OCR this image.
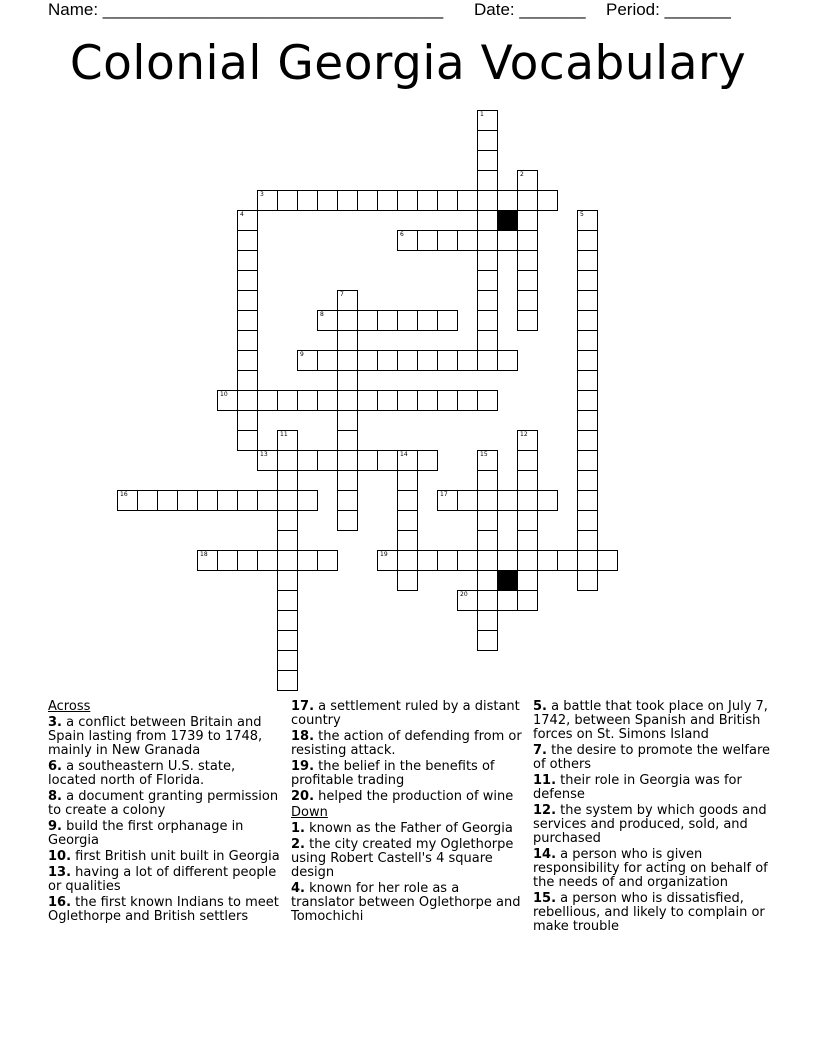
Name: ____________________________________ Date: _______ Period: _______
Colonial Georgia Vocabulary
3
6
8
9
10
13	14
16	17
18	19
20
1
2
4	5
7
11	12
15
Across
3. a conflict between Britain and Spain lasting from 1739 to 1748, mainly in New Granada
6. a southeastern U.S. state, located north of Florida.
8. a document granting permission to create a colony
9. build the first orphanage in Georgia
10. first British unit built in Georgia
13. having a lot of different people or qualities
16. the first known Indians to meet Oglethorpe and British settlers
17. a settlement ruled by a distant country
18. the action of defending from or resisting attack.
19. the belief in the benefits of profitable trading
20. helped the production of wine
Down
1. known as the Father of Georgia
2. the city created my Oglethorpe using Robert Castell's 4 square design
4. known for her role as a translator between Oglethorpe and Tomochichi
5. a battle that took place on July 7, 1742, between Spanish and British forces on St. Simons Island
7. the desire to promote the welfare of others
11. their role in Georgia was for defense
12. the system by which goods and services and produced, sold, and purchased
14. a person who is given responsibility for acting on behalf of the needs of and organization
15. a person who is dissatisfied, rebellious, and likely to complain or make trouble
